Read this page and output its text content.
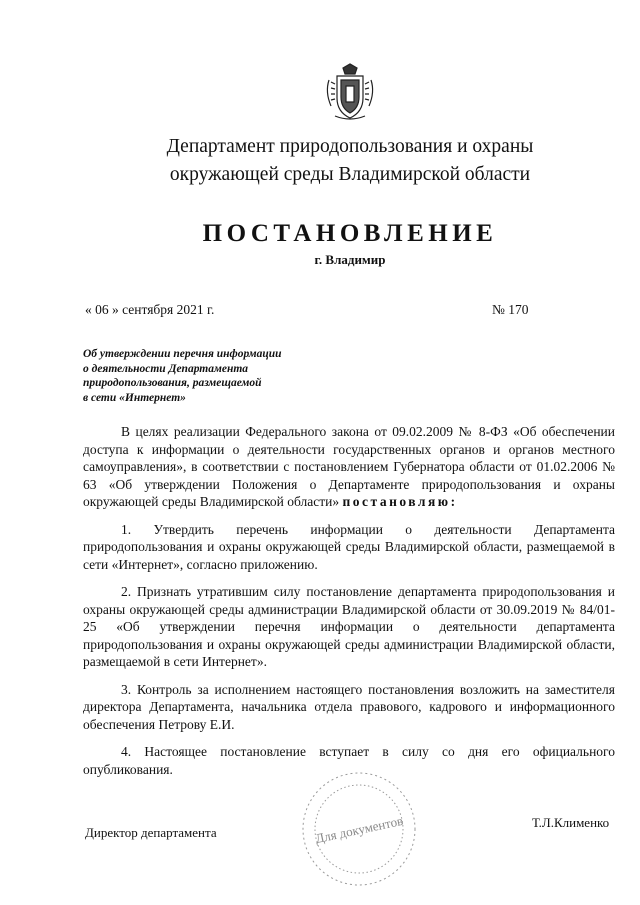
Департамент природопользования и охраны
окружающей среды Владимирской области
ПОСТАНОВЛЕНИЕ
г. Владимир
« 06 » сентября 2021 г.	№ 170
Об утверждении перечня информации
о деятельности Департамента
природопользования, размещаемой
в сети «Интернет»

В целях реализации Федерального закона от 09.02.2009 № 8-ФЗ «Об обеспечении доступа к информации о деятельности государственных органов и органов местного самоуправления», в соответствии с постановлением Губернатора области от 01.02.2006 № 63 «Об утверждении Положения о Департаменте природопользования и охраны окружающей среды Владимирской области» постановляю:

1. Утвердить перечень информации о деятельности Департамента природопользования и охраны окружающей среды Владимирской области, размещаемой в сети «Интернет», согласно приложению.

2. Признать утратившим силу постановление департамента природопользования и охраны окружающей среды администрации Владимирской области от 30.09.2019 № 84/01-25 «Об утверждении перечня информации о деятельности департамента природопользования и охраны окружающей среды администрации Владимирской области, размещаемой в сети Интернет».

3. Контроль за исполнением настоящего постановления возложить на заместителя директора Департамента, начальника отдела правового, кадрового и информационного обеспечения Петрову Е.И.

4. Настоящее постановление вступает в силу со дня его официального опубликования.

Для документов
Директор департамента
Т.Л.Клименко
